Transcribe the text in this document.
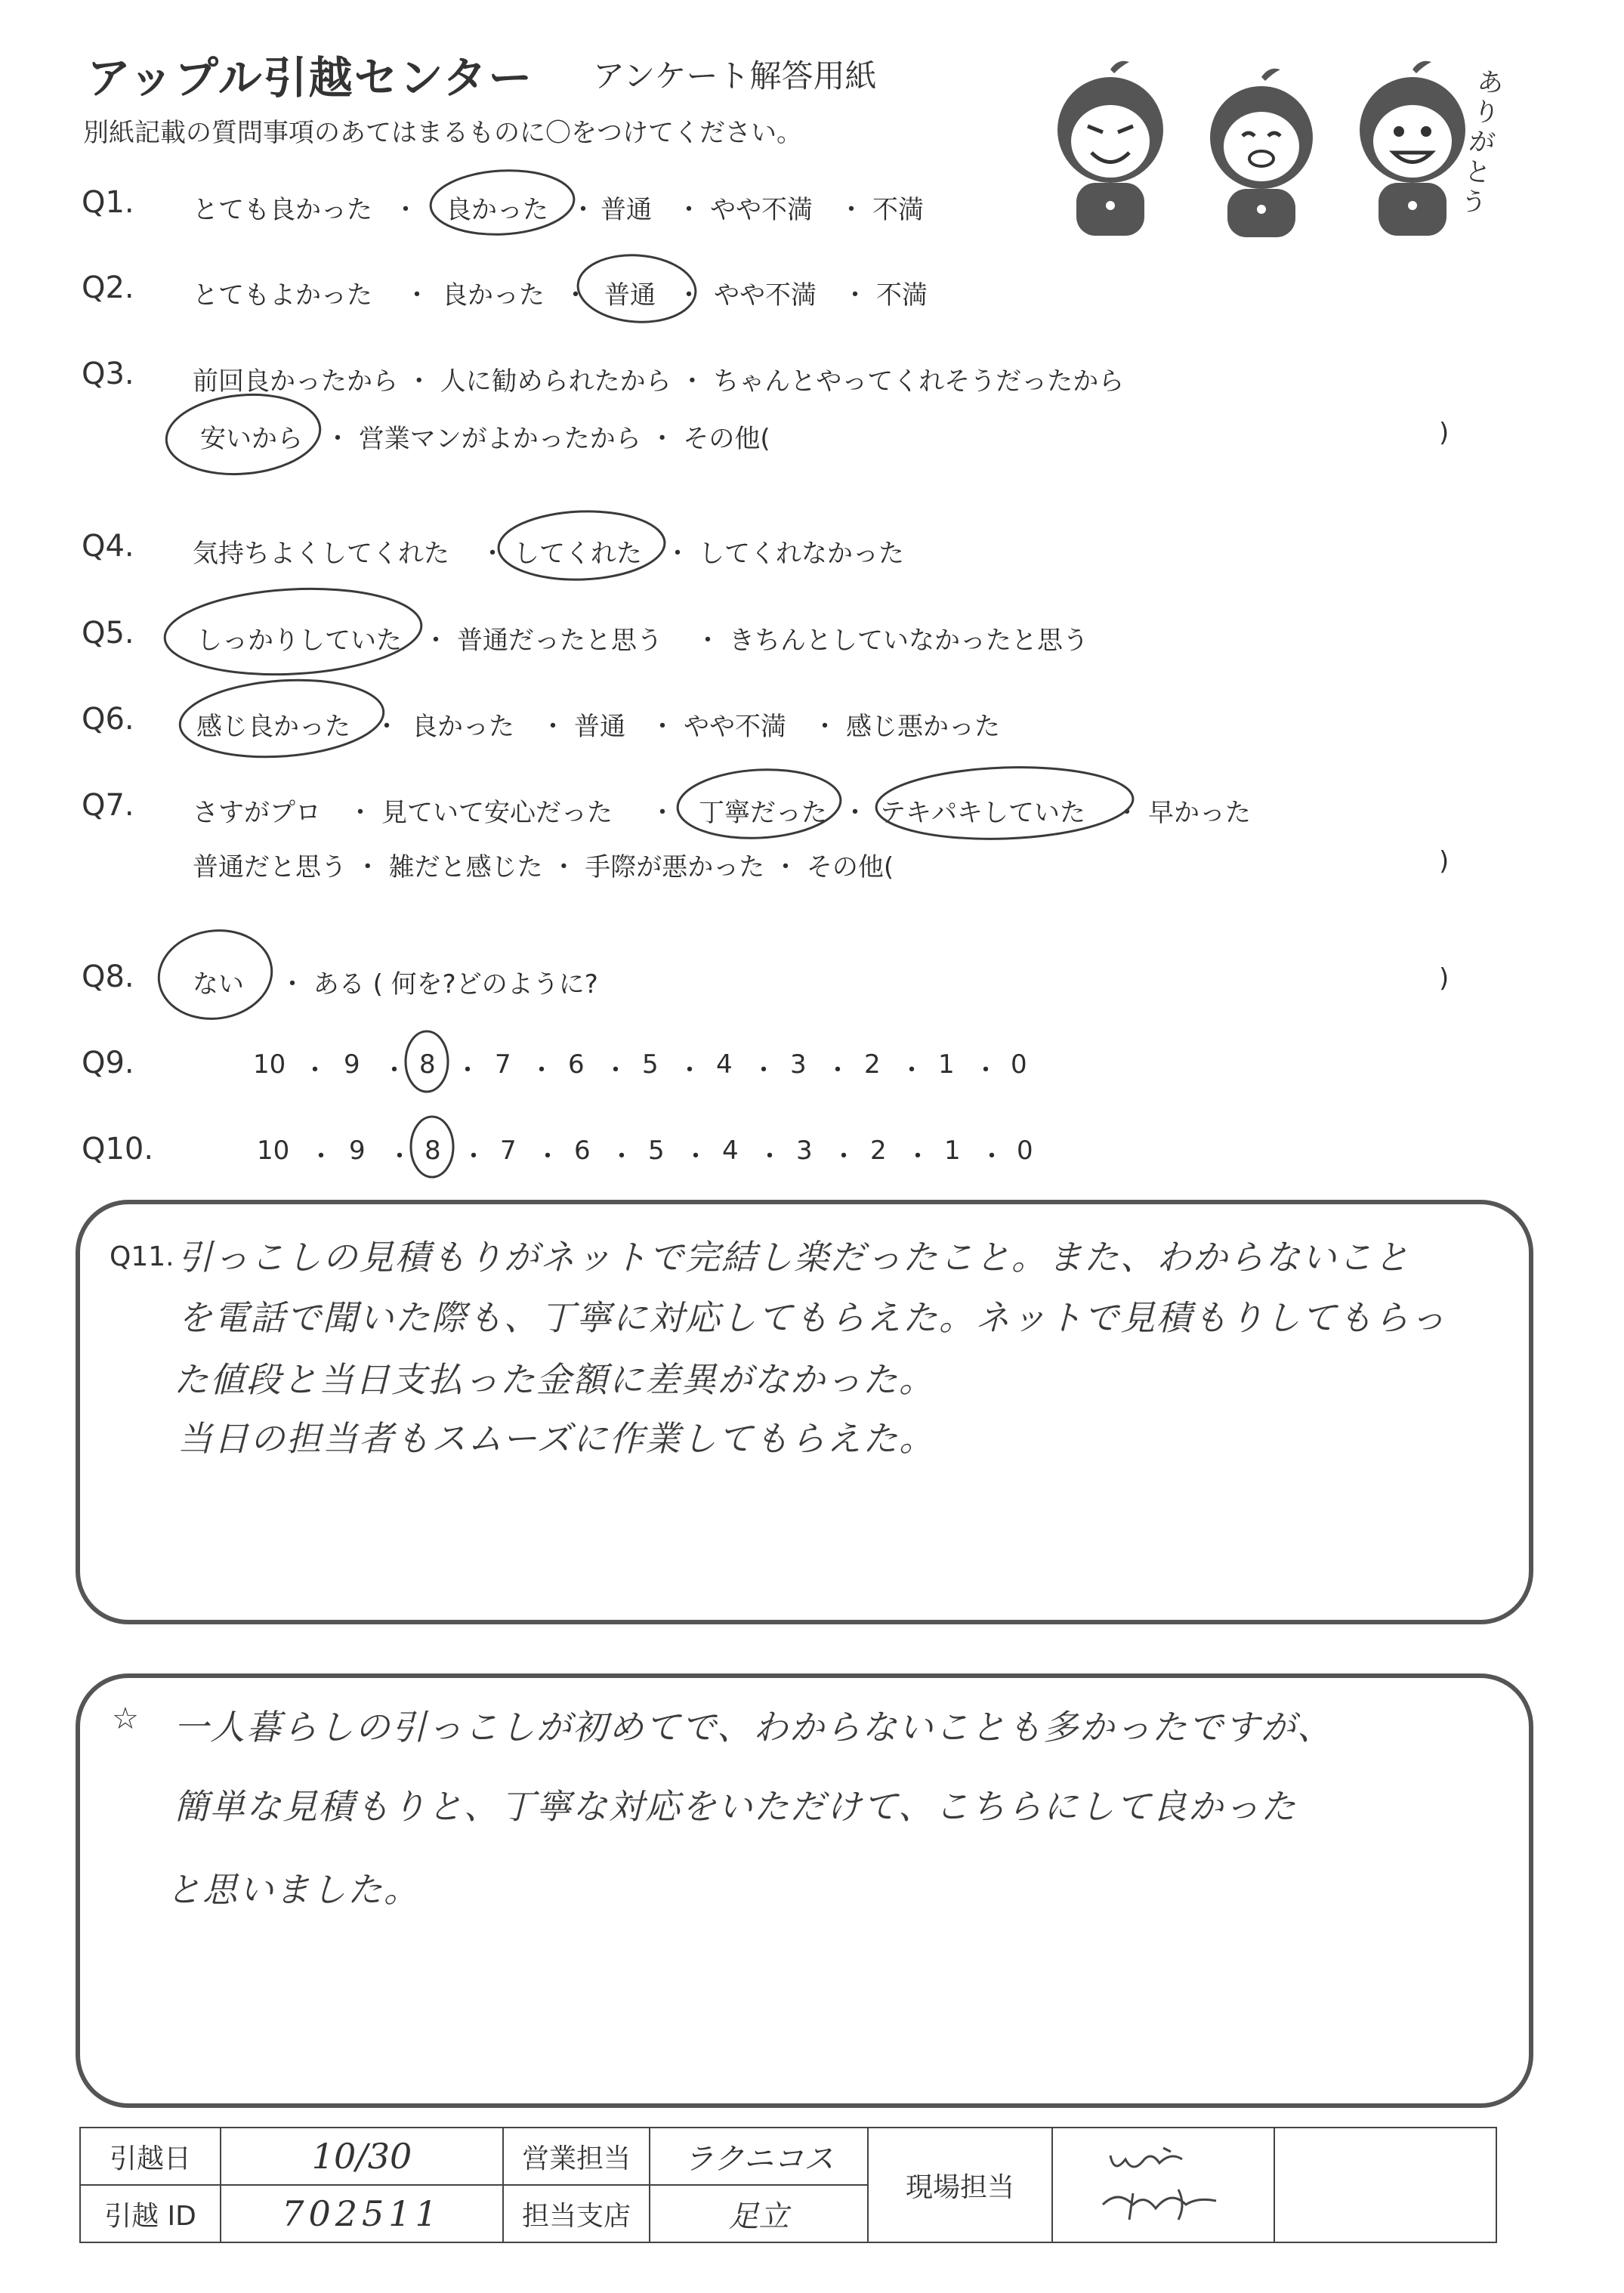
アップル引越センター アンケート解答用紙
別紙記載の質問事項のあてはまるものに〇をつけてください。
ありがとう
Q1. とても良かった ・ 良かった ・ 普通 ・ やや不満 ・ 不満
Q2. とてもよかった ・ 良かった ・ 普通 ・ やや不満 ・ 不満
Q3. 前回良かったから ・ 人に勧められたから ・ ちゃんとやってくれそうだったから
安いから ・ 営業マンがよかったから ・ その他(	)
Q4. 気持ちよくしてくれた ・ してくれた ・ してくれなかった
Q5. しっかりしていた ・ 普通だったと思う ・ きちんとしていなかったと思う
Q6. 感じ良かった ・ 良かった ・ 普通 ・ やや不満 ・ 感じ悪かった
Q7. さすがプロ ・ 見ていて安心だった ・ 丁寧だった ・ テキパキしていた ・ 早かった
普通だと思う ・ 雑だと感じた ・ 手際が悪かった ・ その他(	)
Q8. ない ・ ある ( 何を?どのように?	)
Q9.	10 9 8 7 6 5 4 3 2 1 0
・ ・ ・ ・ ・ ・ ・ ・ ・ ・
Q10.	10 9 8 7 6 5 4 3 2 1 0
・ ・ ・ ・ ・ ・ ・ ・ ・ ・
Q11. 引っこしの見積もりがネットで完結し楽だったこと。また、わからないこと
を電話で聞いた際も、丁寧に対応してもらえた。ネットで見積もりしてもらっ
た値段と当日支払った金額に差異がなかった。
当日の担当者もスムーズに作業してもらえた。
☆ 一人暮らしの引っこしが初めてで、わからないことも多かったですが、
簡単な見積もりと、丁寧な対応をいただけて、こちらにして良かった
と思いました。
引越日	10/30	営業担当	ラクニコス	現場担当		
引越 ID	702511	担当支店	足立			
